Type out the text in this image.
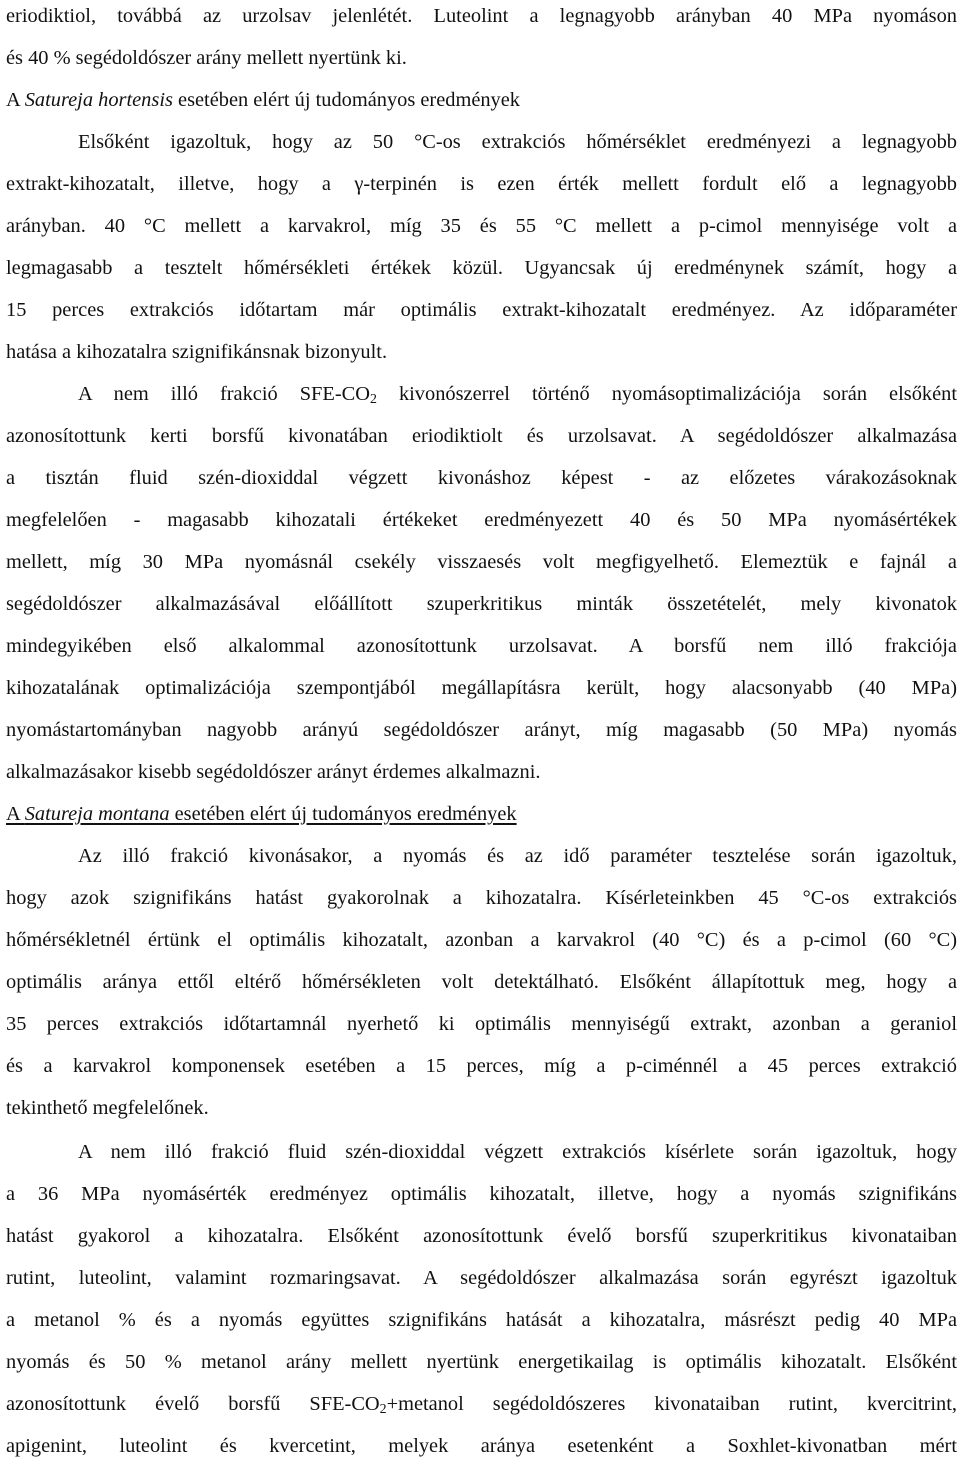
eriodiktiol, továbbá az urzolsav jelenlétét. Luteolint a legnagyobb arányban 40 MPa nyomáson
és 40 % segédoldószer arány mellett nyertünk ki.
A Satureja hortensis esetében elért új tudományos eredmények
Elsőként igazoltuk, hogy az 50 °C-os extrakciós hőmérséklet eredményezi a legnagyobb
extrakt-kihozatalt, illetve, hogy a γ-terpinén is ezen érték mellett fordult elő a legnagyobb
arányban. 40 °C mellett a karvakrol, míg 35 és 55 °C mellett a p-cimol mennyisége volt a
legmagasabb a tesztelt hőmérsékleti értékek közül. Ugyancsak új eredménynek számít, hogy a
15 perces extrakciós időtartam már optimális extrakt-kihozatalt eredményez. Az időparaméter
hatása a kihozatalra szignifikánsnak bizonyult.
A nem illó frakció SFE-$CO_2$ kivonószerrel történő nyomásoptimalizációja során elsőként
azonosítottunk kerti borsfű kivonatában eriodiktiolt és urzolsavat. A segédoldószer alkalmazása
a tisztán fluid szén-dioxiddal végzett kivonáshoz képest - az előzetes várakozásoknak
megfelelően - magasabb kihozatali értékeket eredményezett 40 és 50 MPa nyomásértékek
mellett, míg 30 MPa nyomásnál csekély visszaesés volt megfigyelhető. Elemeztük e fajnál a
segédoldószer alkalmazásával előállított szuperkritikus minták összetételét, mely kivonatok
mindegyikében első alkalommal azonosítottunk urzolsavat. A borsfű nem illó frakciója
kihozatalának optimalizációja szempontjából megállapításra került, hogy alacsonyabb (40 MPa)
nyomástartományban nagyobb arányú segédoldószer arányt, míg magasabb (50 MPa) nyomás
alkalmazásakor kisebb segédoldószer arányt érdemes alkalmazni.
A Satureja montana esetében elért új tudományos eredmények
Az illó frakció kivonásakor, a nyomás és az idő paraméter tesztelése során igazoltuk,
hogy azok szignifikáns hatást gyakorolnak a kihozatalra. Kísérleteinkben 45 °C-os extrakciós
hőmérsékletnél értünk el optimális kihozatalt, azonban a karvakrol (40 °C) és a p-cimol (60 °C)
optimális aránya ettől eltérő hőmérsékleten volt detektálható. Elsőként állapítottuk meg, hogy a
35 perces extrakciós időtartamnál nyerhető ki optimális mennyiségű extrakt, azonban a geraniol
és a karvakrol komponensek esetében a 15 perces, míg a p-ciménnél a 45 perces extrakció
tekinthető megfelelőnek.
A nem illó frakció fluid szén-dioxiddal végzett extrakciós kísérlete során igazoltuk, hogy
a 36 MPa nyomásérték eredményez optimális kihozatalt, illetve, hogy a nyomás szignifikáns
hatást gyakorol a kihozatalra. Elsőként azonosítottunk évelő borsfű szuperkritikus kivonataiban
rutint, luteolint, valamint rozmaringsavat. A segédoldószer alkalmazása során egyrészt igazoltuk
a metanol % és a nyomás együttes szignifikáns hatását a kihozatalra, másrészt pedig 40 MPa
nyomás és 50 % metanol arány mellett nyertünk energetikailag is optimális kihozatalt. Elsőként
azonosítottunk évelő borsfű SFE-$CO_2+metanol$ segédoldószeres kivonataiban rutint, kvercitrint,
apigenint, luteolint és kvercetint, melyek aránya esetenként a Soxhlet-kivonatban mért
